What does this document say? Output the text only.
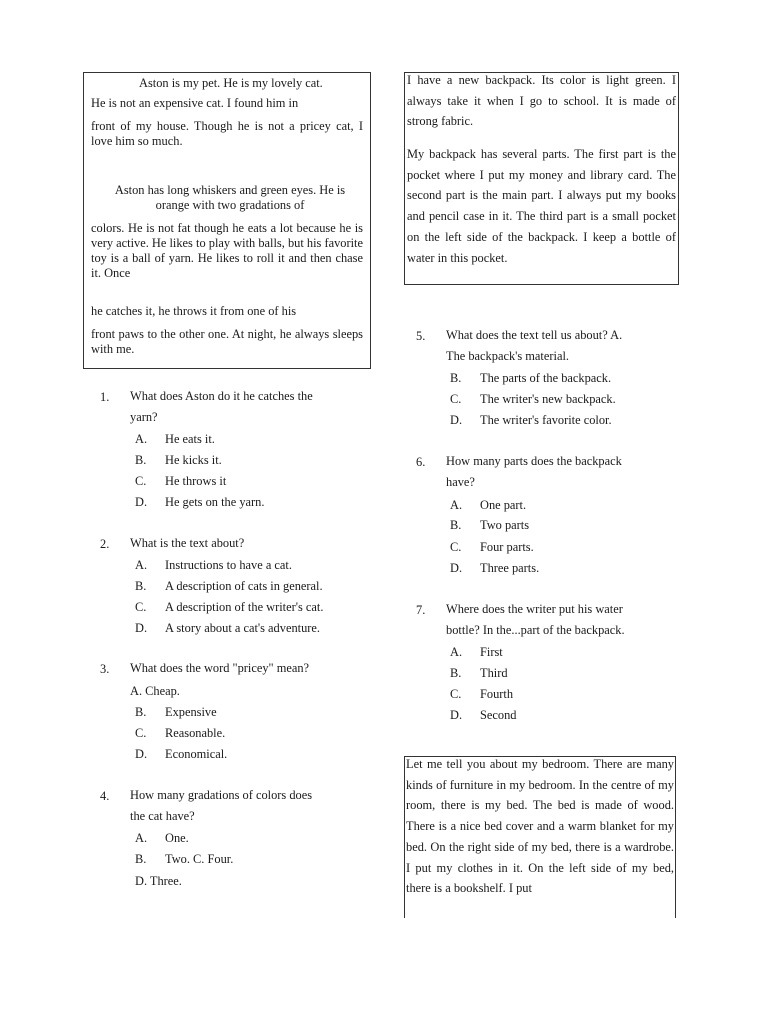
Aston is my pet. He is my lovely cat.

He is not an expensive cat. I found him in

front of my house. Though he is not a pricey cat, I love him so much.

Aston has long whiskers and green eyes. He is orange with two gradations of

colors. He is not fat though he eats a lot because he is very active. He likes to play with balls, but his favorite toy is a ball of yarn. He likes to roll it and then chase it. Once

he catches it, he throws it from one of his

front paws to the other one. At night, he always sleeps with me.

I have a new backpack. Its color is light green. I always take it when I go to school. It is made of strong fabric.

My backpack has several parts. The first part is the pocket where I put my money and library card. The second part is the main part. I always put my books and pencil case in it. The third part is a small pocket on the left side of the backpack. I keep a bottle of water in this pocket.

Let me tell you about my bedroom. There are many kinds of furniture in my bedroom. In the centre of my room, there is my bed. The bed is made of wood. There is a nice bed cover and a warm blanket for my bed. On the right side of my bed, there is a wardrobe. I put my clothes in it. On the left side of my bed, there is a bookshelf. I put

1. What does Aston do it he catches the
yarn?
A. He eats it.
B. He kicks it.
C. He throws it
D. He gets on the yarn.
2. What is the text about?
A. Instructions to have a cat.
B. A description of cats in general.
C. A description of the writer's cat.
D. A story about a cat's adventure.
3. What does the word "pricey" mean?
A. Cheap.
B. Expensive
C. Reasonable.
D. Economical.
4. How many gradations of colors does
the cat have?
A. One.
B. Two. C. Four.
D. Three.
5. What does the text tell us about? A.
The backpack's material.
B. The parts of the backpack.
C. The writer's new backpack.
D. The writer's favorite color.
6. How many parts does the backpack
have?
A. One part.
B. Two parts
C. Four parts.
D. Three parts.
7. Where does the writer put his water
bottle? In the...part of the backpack.
A. First
B. Third
C. Fourth
D. Second
